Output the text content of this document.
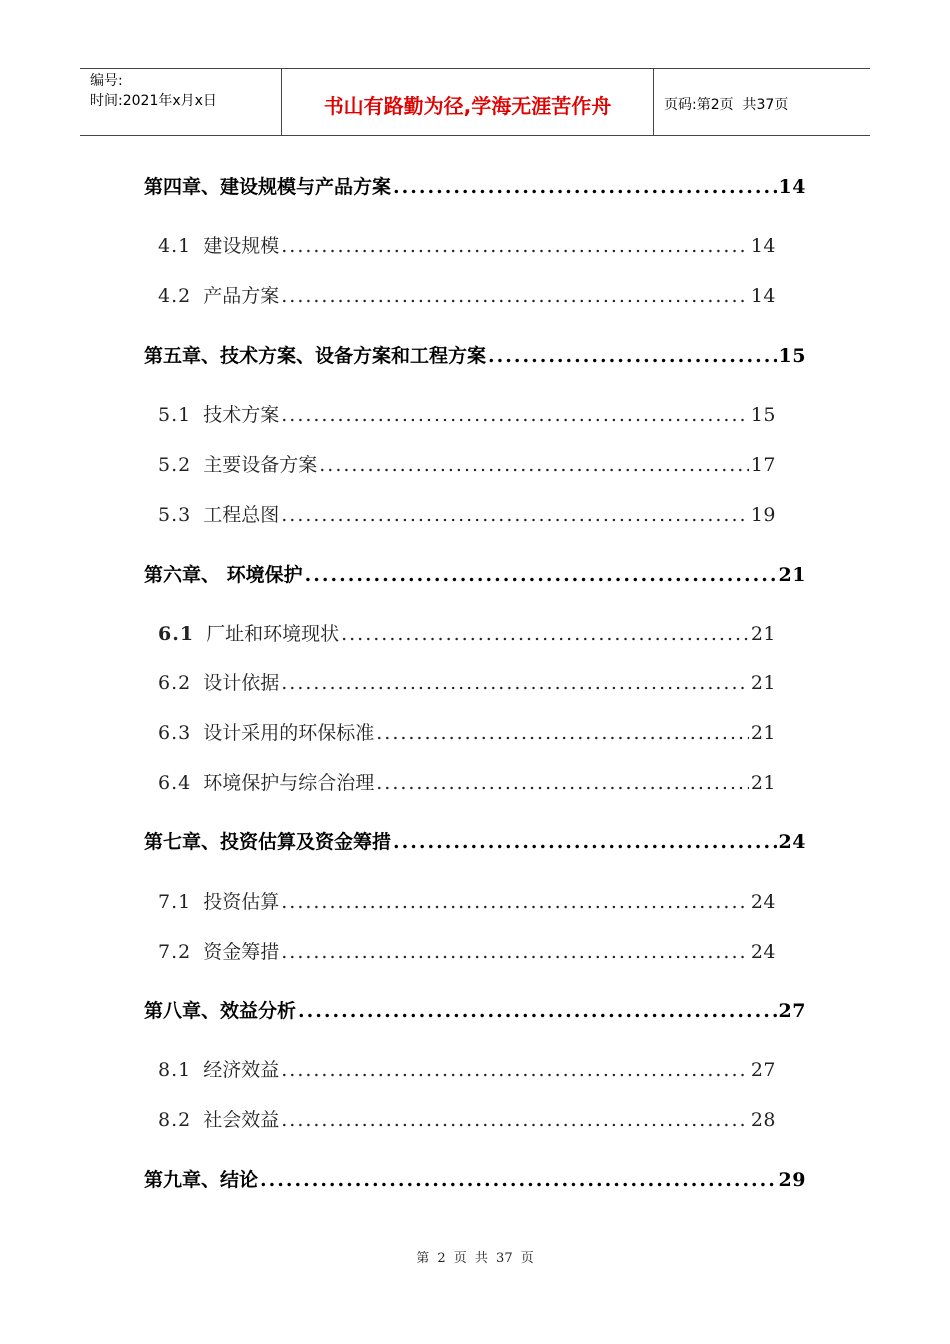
编号:
时间:2021年x月x日	书山有路勤为径,学海无涯苦作舟	页码:第2页  共37页
第四章、建设规模与产品方案 .....	14
4.1 建设规模 .....	14
4.2 产品方案 .....	14
第五章、技术方案、设备方案和工程方案 .....	15
5.1 技术方案 .....	15
5.2 主要设备方案 .....	17
5.3 工程总图 .....	19
第六章、 环境保护 .....	21
6.1 厂址和环境现状 .....	21
6.2 设计依据 .....	21
6.3 设计采用的环保标准 .....	21
6.4 环境保护与综合治理 .....	21
第七章、投资估算及资金筹措 .....	24
7.1 投资估算 .....	24
7.2 资金筹措 .....	24
第八章、效益分析 .....	27
8.1 经济效益 .....	27
8.2 社会效益 .....	28
第九章、结论 .....	29
第 2 页 共 37 页
